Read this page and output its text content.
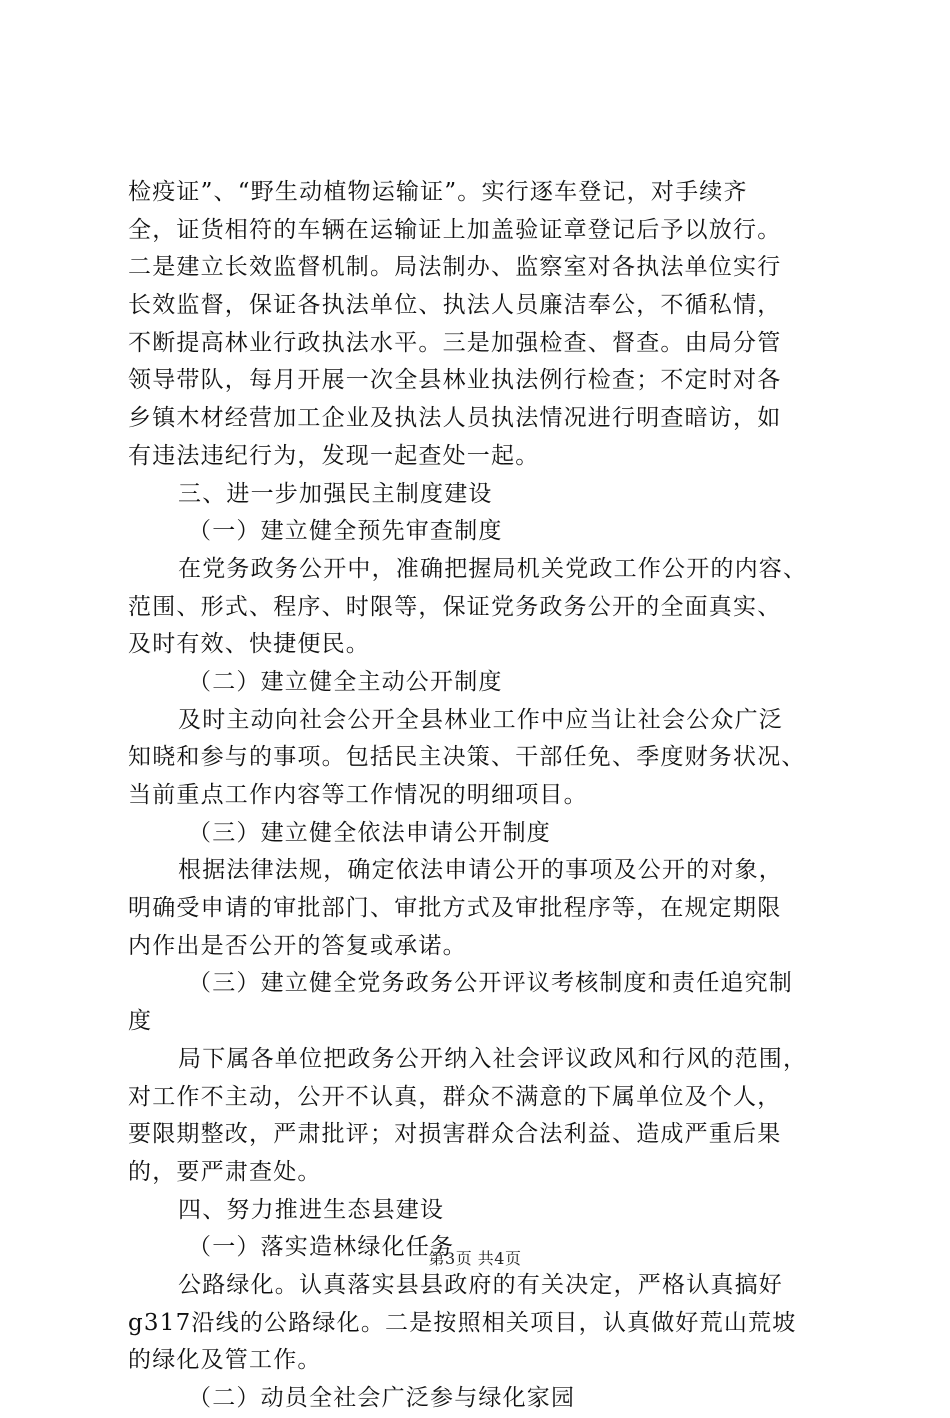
检疫证”、“野生动植物运输证”。实行逐车登记，对手续齐
全，证货相符的车辆在运输证上加盖验证章登记后予以放行。
二是建立长效监督机制。局法制办、监察室对各执法单位实行
长效监督，保证各执法单位、执法人员廉洁奉公，不循私情，
不断提高林业行政执法水平。三是加强检查、督查。由局分管
领导带队，每月开展一次全县林业执法例行检查；不定时对各
乡镇木材经营加工企业及执法人员执法情况进行明查暗访，如
有违法违纪行为，发现一起查处一起。
三、进一步加强民主制度建设
（一）建立健全预先审查制度
在党务政务公开中，准确把握局机关党政工作公开的内容、
范围、形式、程序、时限等，保证党务政务公开的全面真实、
及时有效、快捷便民。
（二）建立健全主动公开制度
及时主动向社会公开全县林业工作中应当让社会公众广泛
知晓和参与的事项。包括民主决策、干部任免、季度财务状况、
当前重点工作内容等工作情况的明细项目。
（三）建立健全依法申请公开制度
根据法律法规，确定依法申请公开的事项及公开的对象，
明确受申请的审批部门、审批方式及审批程序等，在规定期限
内作出是否公开的答复或承诺。
（三）建立健全党务政务公开评议考核制度和责任追究制
度
局下属各单位把政务公开纳入社会评议政风和行风的范围，
对工作不主动，公开不认真，群众不满意的下属单位及个人，
要限期整改，严肃批评；对损害群众合法利益、造成严重后果
的，要严肃查处。
四、努力推进生态县建设
（一）落实造林绿化任务
公路绿化。认真落实县县政府的有关决定，严格认真搞好
g317沿线的公路绿化。二是按照相关项目，认真做好荒山荒坡
的绿化及管工作。
（二）动员全社会广泛参与绿化家园
第3页 共4页
